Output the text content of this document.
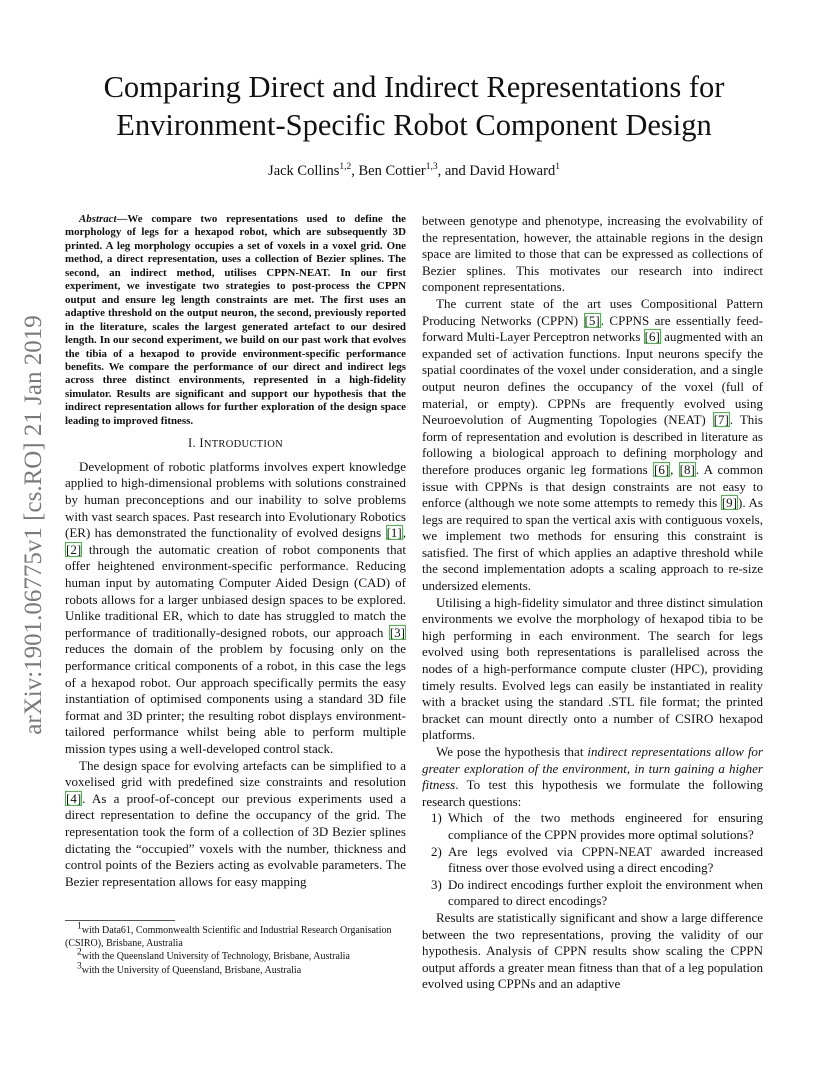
arXiv:1901.06775v1 [cs.RO] 21 Jan 2019
Comparing Direct and Indirect Representations for
Environment-Specific Robot Component Design
Jack Collins$^{1,2}$, Ben Cottier$^{1,3}$, and David Howard$^1$

Abstract—We compare two representations used to define the morphology of legs for a hexapod robot, which are subsequently 3D printed. A leg morphology occupies a set of voxels in a voxel grid. One method, a direct representation, uses a collection of Bezier splines. The second, an indirect method, utilises CPPN-NEAT. In our first experiment, we investigate two strategies to post-process the CPPN output and ensure leg length constraints are met. The first uses an adaptive threshold on the output neuron, the second, previously reported in the literature, scales the largest generated artefact to our desired length. In our second experiment, we build on our past work that evolves the tibia of a hexapod to provide environment-specific performance benefits. We compare the performance of our direct and indirect legs across three distinct environments, represented in a high-fidelity simulator. Results are significant and support our hypothesis that the indirect representation allows for further exploration of the design space leading to improved fitness.

I. INTRODUCTION

Development of robotic platforms involves expert knowledge applied to high-dimensional problems with solutions constrained by human preconceptions and our inability to solve problems with vast search spaces. Past research into Evolutionary Robotics (ER) has demonstrated the functionality of evolved designs [1], [2] through the automatic creation of robot components that offer heightened environment-specific performance. Reducing human input by automating Computer Aided Design (CAD) of robots allows for a larger unbiased design spaces to be explored. Unlike traditional ER, which to date has struggled to match the performance of traditionally-designed robots, our approach [3] reduces the domain of the problem by focusing only on the performance critical components of a robot, in this case the legs of a hexapod robot. Our approach specifically permits the easy instantiation of optimised components using a standard 3D file format and 3D printer; the resulting robot displays environment-tailored performance whilst being able to perform multiple mission types using a well-developed control stack.

The design space for evolving artefacts can be simplified to a voxelised grid with predefined size constraints and resolution [4]. As a proof-of-concept our previous experiments used a direct representation to define the occupancy of the grid. The representation took the form of a collection of 3D Bezier splines dictating the “occupied” voxels with the number, thickness and control points of the Beziers acting as evolvable parameters. The Bezier representation allows for easy mapping

$^1$with Data61, Commonwealth Scientific and Industrial Research Organisation (CSIRO), Brisbane, Australia

$^2$with the Queensland University of Technology, Brisbane, Australia

$^3$with the University of Queensland, Brisbane, Australia

between genotype and phenotype, increasing the evolvability of the representation, however, the attainable regions in the design space are limited to those that can be expressed as collections of Bezier splines. This motivates our research into indirect component representations.

The current state of the art uses Compositional Pattern Producing Networks (CPPN) [5]. CPPNS are essentially feed-forward Multi-Layer Perceptron networks [6] augmented with an expanded set of activation functions. Input neurons specify the spatial coordinates of the voxel under consideration, and a single output neuron defines the occupancy of the voxel (full of material, or empty). CPPNs are frequently evolved using Neuroevolution of Augmenting Topologies (NEAT) [7]. This form of representation and evolution is described in literature as following a biological approach to defining morphology and therefore produces organic leg formations [6], [8]. A common issue with CPPNs is that design constraints are not easy to enforce (although we note some attempts to remedy this [9]). As legs are required to span the vertical axis with contiguous voxels, we implement two methods for ensuring this constraint is satisfied. The first of which applies an adaptive threshold while the second implementation adopts a scaling approach to re-size undersized elements.

Utilising a high-fidelity simulator and three distinct simulation environments we evolve the morphology of hexapod tibia to be high performing in each environment. The search for legs evolved using both representations is parallelised across the nodes of a high-performance compute cluster (HPC), providing timely results. Evolved legs can easily be instantiated in reality with a bracket using the standard .STL file format; the printed bracket can mount directly onto a number of CSIRO hexapod platforms.

We pose the hypothesis that indirect representations allow for greater exploration of the environment, in turn gaining a higher fitness. To test this hypothesis we formulate the following research questions:

1) Which of the two methods engineered for ensuring compliance of the CPPN provides more optimal solutions?
2) Are legs evolved via CPPN-NEAT awarded increased fitness over those evolved using a direct encoding?
3) Do indirect encodings further exploit the environment when compared to direct encodings?

Results are statistically significant and show a large difference between the two representations, proving the validity of our hypothesis. Analysis of CPPN results show scaling the CPPN output affords a greater mean fitness than that of a leg population evolved using CPPNs and an adaptive
